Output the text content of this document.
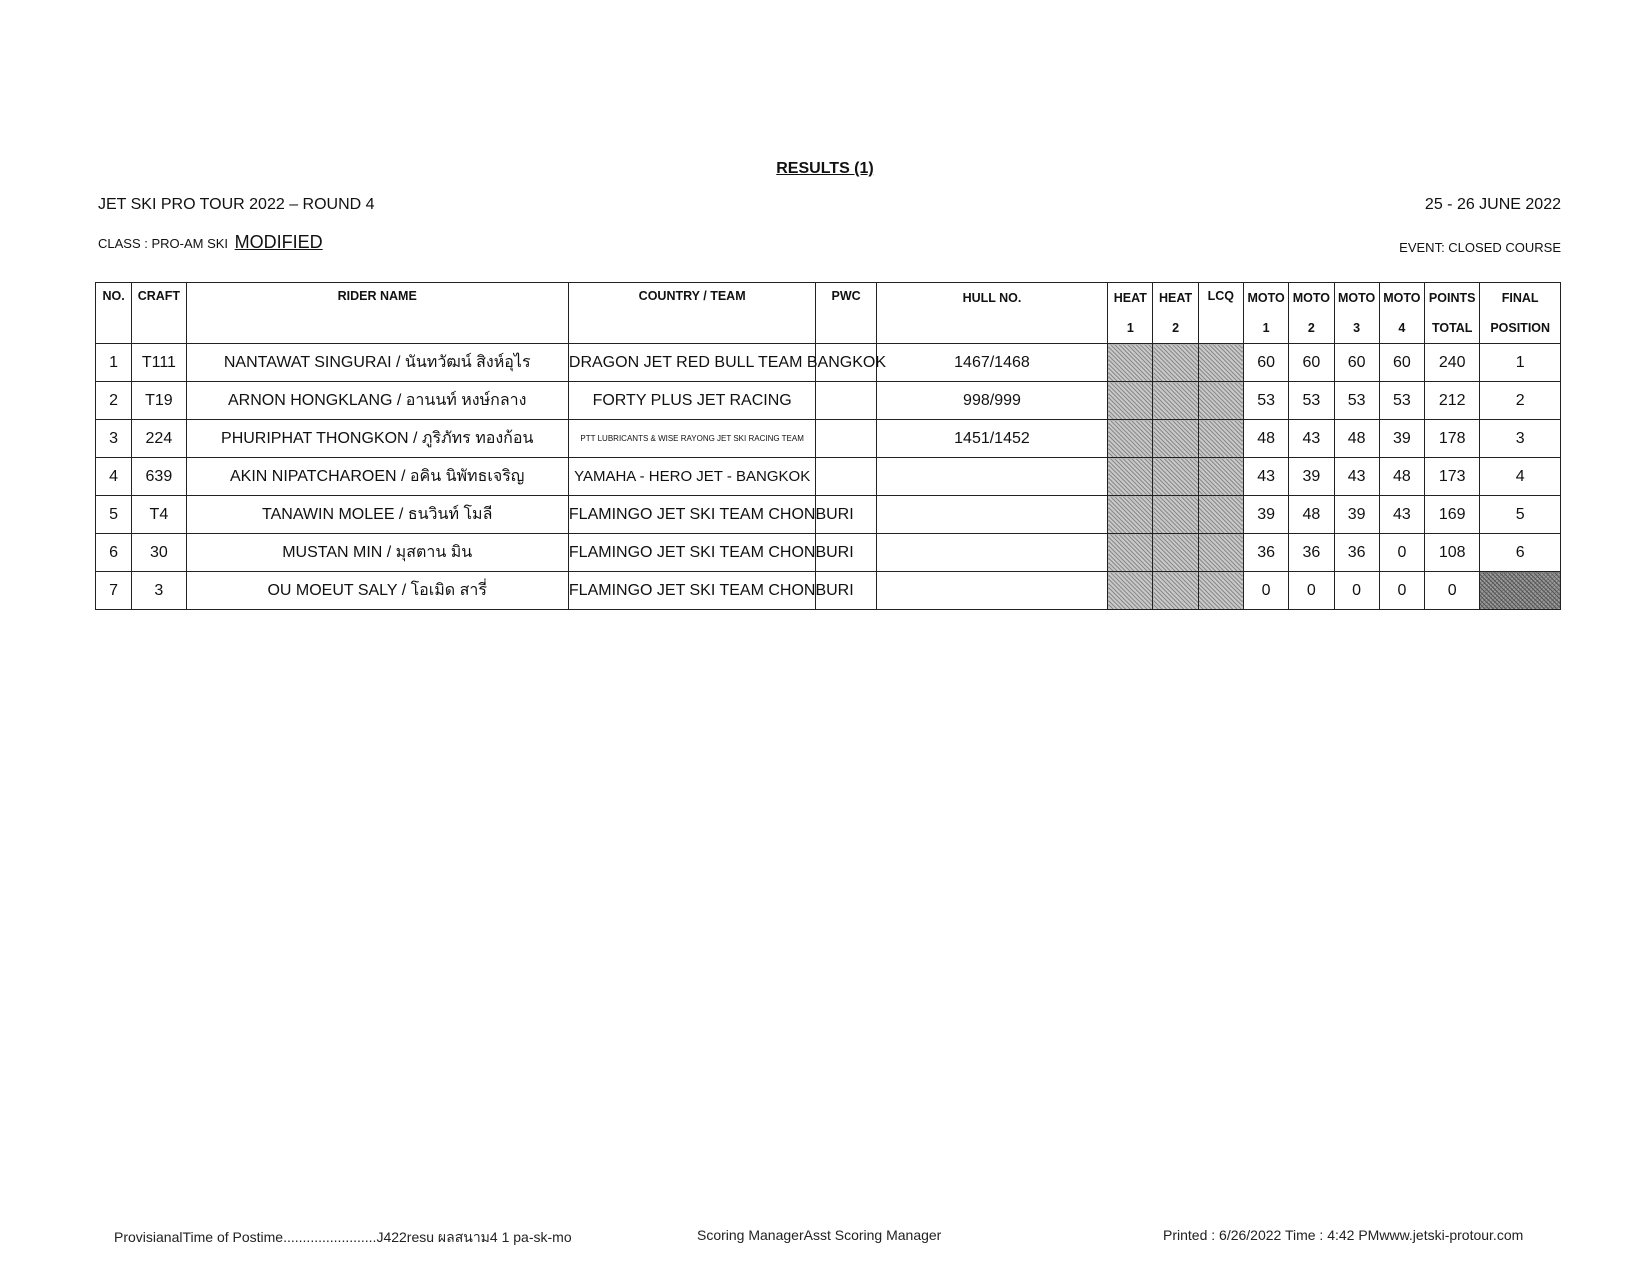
RESULTS (1)
JET SKI PRO TOUR 2022 – ROUND 4	25 - 26 JUNE 2022
CLASS : PRO-AM SKI MODIFIED	EVENT: CLOSED COURSE
NO.	CRAFT	RIDER NAME	COUNTRY / TEAM	PWC	HULL NO.	HEAT	HEAT	LCQ	MOTO	MOTO	MOTO	MOTO	POINTS	FINAL
						1	2		1	2	3	4	TOTAL	POSITION
1	T111	NANTAWAT SINGURAI / นันทวัฒน์ สิงห์อุไร	DRAGON JET RED BULL TEAM BANGKOK		1467/1468				60	60	60	60	240	1
2	T19	ARNON HONGKLANG / อานนท์ หงษ์กลาง	FORTY PLUS JET RACING		998/999				53	53	53	53	212	2
3	224	PHURIPHAT THONGKON / ภูริภัทร ทองก้อน	PTT LUBRICANTS & WISE RAYONG JET SKI RACING TEAM		1451/1452				48	43	48	39	178	3
4	639	AKIN NIPATCHAROEN / อคิน นิพัทธเจริญ	YAMAHA - HERO JET - BANGKOK						43	39	43	48	173	4
5	T4	TANAWIN MOLEE / ธนวินท์ โมลี	FLAMINGO JET SKI TEAM CHONBURI						39	48	39	43	169	5
6	30	MUSTAN MIN / มุสตาน มิน	FLAMINGO JET SKI TEAM CHONBURI						36	36	36	0	108	6
7	3	OU MOEUT SALY / โอเมิด สารี่	FLAMINGO JET SKI TEAM CHONBURI						0	0	0	0	0	
ProvisianalTime of Postime........................J422resu ผลสนาม4 1 pa-sk-mo	Scoring ManagerAsst Scoring Manager	Printed : 6/26/2022 Time : 4:42 PMwww.jetski-protour.com
